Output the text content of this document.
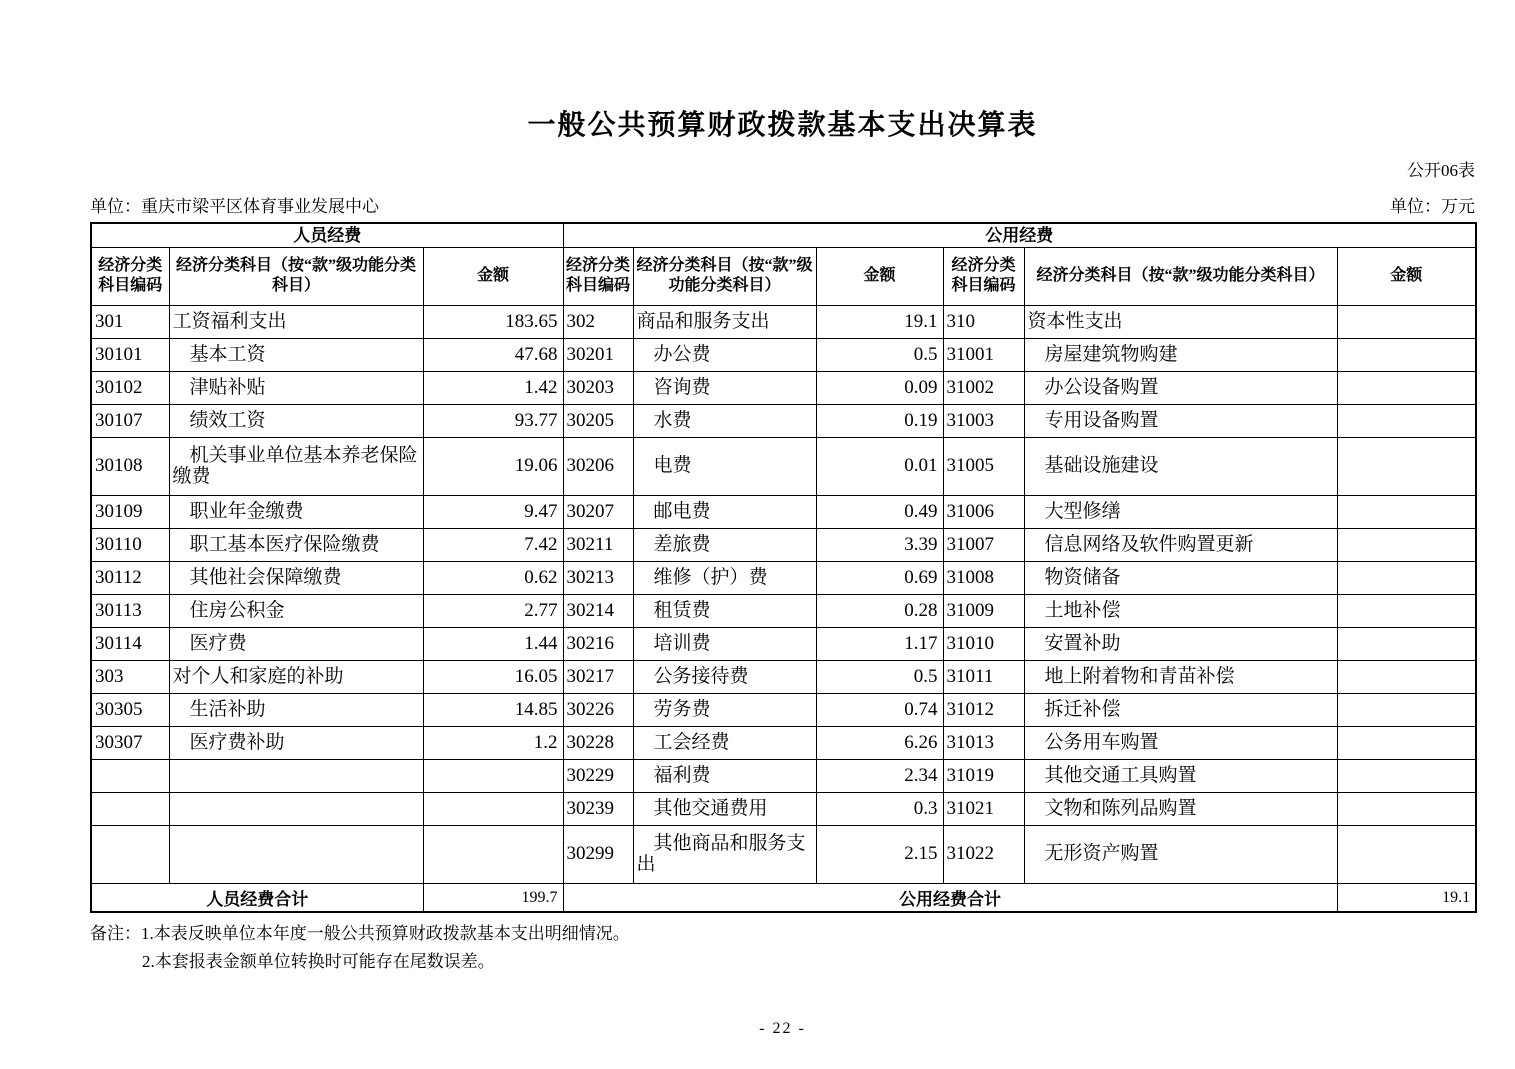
一般公共预算财政拨款基本支出决算表
公开06表
单位：重庆市梁平区体育事业发展中心	单位：万元
人员经费			公用经费					
经济分类科目编码	经济分类科目（按“款”级功能分类科目）	金额	经济分类科目编码	经济分类科目（按“款”级功能分类科目）	金额	经济分类科目编码	经济分类科目（按“款”级功能分类科目）	金额
301	工资福利支出	183.65	302	商品和服务支出	19.1	310	资本性支出	
30101	基本工资	47.68	30201	办公费	0.5	31001	房屋建筑物购建	
30102	津贴补贴	1.42	30203	咨询费	0.09	31002	办公设备购置	
30107	绩效工资	93.77	30205	水费	0.19	31003	专用设备购置	
30108	机关事业单位基本养老保险缴费	19.06	30206	电费	0.01	31005	基础设施建设	
30109	职业年金缴费	9.47	30207	邮电费	0.49	31006	大型修缮	
30110	职工基本医疗保险缴费	7.42	30211	差旅费	3.39	31007	信息网络及软件购置更新	
30112	其他社会保障缴费	0.62	30213	维修（护）费	0.69	31008	物资储备	
30113	住房公积金	2.77	30214	租赁费	0.28	31009	土地补偿	
30114	医疗费	1.44	30216	培训费	1.17	31010	安置补助	
303	对个人和家庭的补助	16.05	30217	公务接待费	0.5	31011	地上附着物和青苗补偿	
30305	生活补助	14.85	30226	劳务费	0.74	31012	拆迁补偿	
30307	医疗费补助	1.2	30228	工会经费	6.26	31013	公务用车购置	
			30229	福利费	2.34	31019	其他交通工具购置	
			30239	其他交通费用	0.3	31021	文物和陈列品购置	
			30299	其他商品和服务支出	2.15	31022	无形资产购置	
人员经费合计		199.7	公用经费合计					19.1
备注：1.本表反映单位本年度一般公共预算财政拨款基本支出明细情况。
2.本套报表金额单位转换时可能存在尾数误差。
- 22 -
